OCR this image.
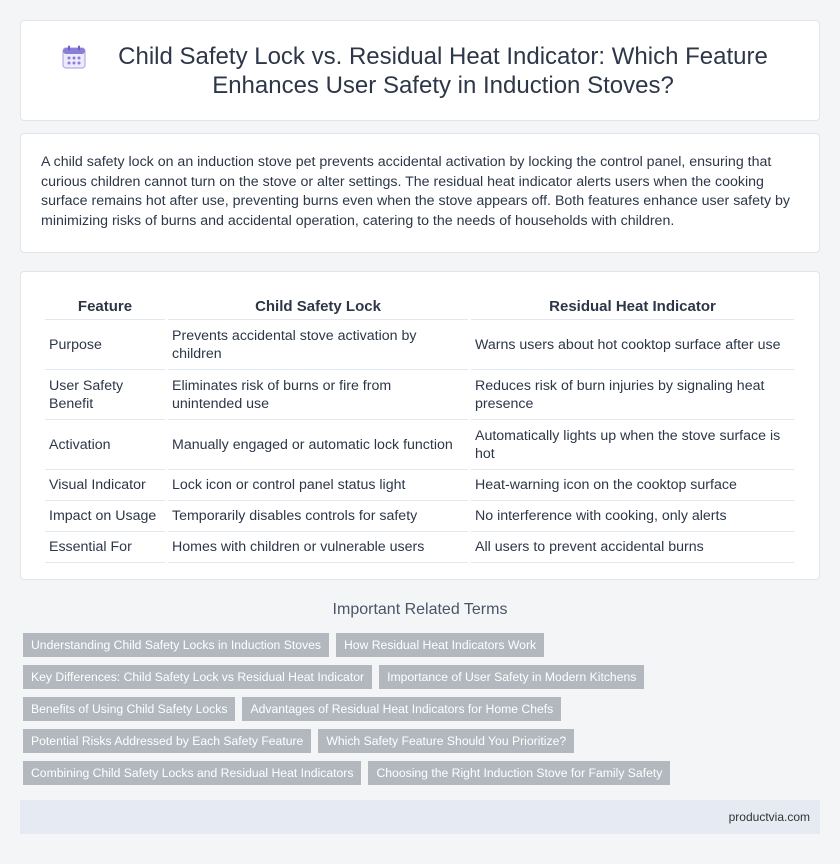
Child Safety Lock vs. Residual Heat Indicator: Which Feature Enhances User Safety in Induction Stoves?

A child safety lock on an induction stove pet prevents accidental activation by locking the control panel, ensuring that curious children cannot turn on the stove or alter settings. The residual heat indicator alerts users when the cooking surface remains hot after use, preventing burns even when the stove appears off. Both features enhance user safety by minimizing risks of burns and accidental operation, catering to the needs of households with children.

Feature	Child Safety Lock	Residual Heat Indicator
Purpose	Prevents accidental stove activation by children	Warns users about hot cooktop surface after use
User Safety Benefit	Eliminates risk of burns or fire from unintended use	Reduces risk of burn injuries by signaling heat presence
Activation	Manually engaged or automatic lock function	Automatically lights up when the stove surface is hot
Visual Indicator	Lock icon or control panel status light	Heat-warning icon on the cooktop surface
Impact on Usage	Temporarily disables controls for safety	No interference with cooking, only alerts
Essential For	Homes with children or vulnerable users	All users to prevent accidental burns
Important Related Terms
Understanding Child Safety Locks in Induction Stoves	How Residual Heat Indicators Work
Key Differences: Child Safety Lock vs Residual Heat Indicator	Importance of User Safety in Modern Kitchens
Benefits of Using Child Safety Locks	Advantages of Residual Heat Indicators for Home Chefs
Potential Risks Addressed by Each Safety Feature	Which Safety Feature Should You Prioritize?
Combining Child Safety Locks and Residual Heat Indicators	Choosing the Right Induction Stove for Family Safety
productvia.com
